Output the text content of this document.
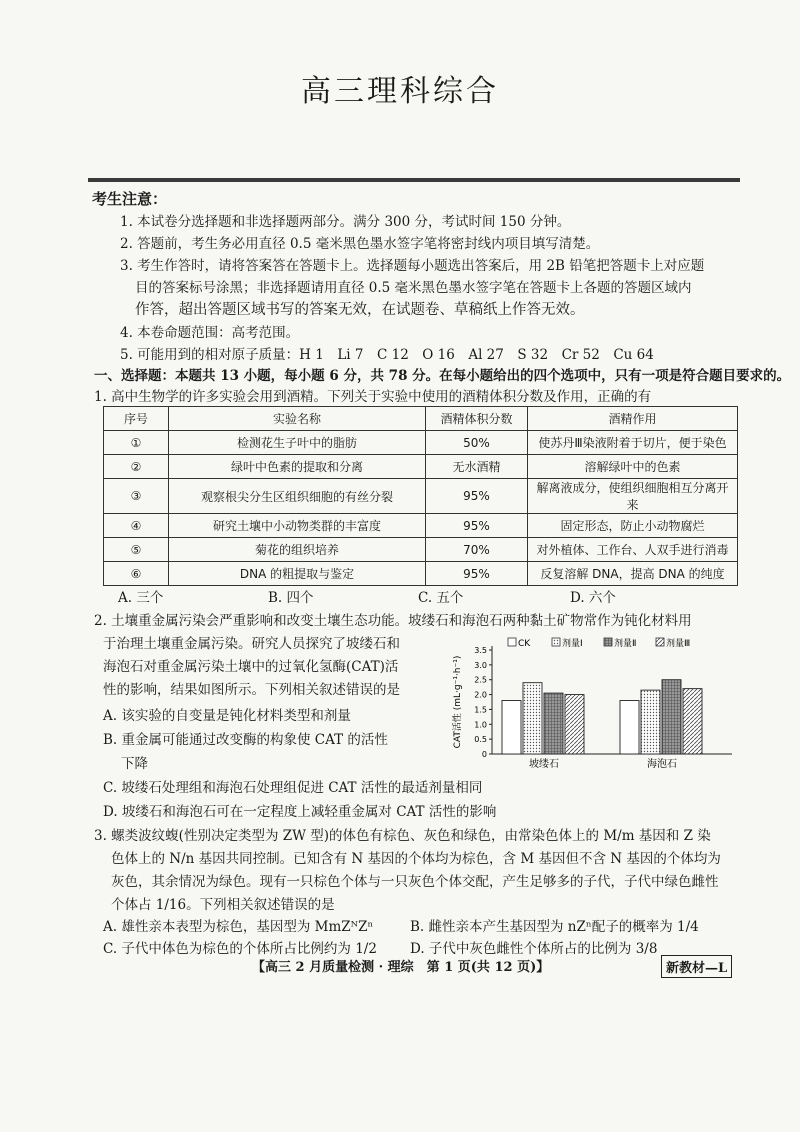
高三理科综合
考生注意：
1. 本试卷分选择题和非选择题两部分。满分 300 分，考试时间 150 分钟。
2. 答题前，考生务必用直径 0.5 毫米黑色墨水签字笔将密封线内项目填写清楚。
3. 考生作答时，请将答案答在答题卡上。选择题每小题选出答案后，用 2B 铅笔把答题卡上对应题
目的答案标号涂黑；非选择题请用直径 0.5 毫米黑色墨水签字笔在答题卡上各题的答题区域内
作答，超出答题区域书写的答案无效，在试题卷、草稿纸上作答无效。
4. 本卷命题范围：高考范围。
5. 可能用到的相对原子质量：H 1　Li 7　C 12　O 16　Al 27　S 32　Cr 52　Cu 64
一、选择题：本题共 13 小题，每小题 6 分，共 78 分。在每小题给出的四个选项中，只有一项是符合题目要求的。
1. 高中生物学的许多实验会用到酒精。下列关于实验中使用的酒精体积分数及作用，正确的有
序号	实验名称	酒精体积分数	酒精作用
①	检测花生子叶中的脂肪	50%	使苏丹Ⅲ染液附着于切片，便于染色
②	绿叶中色素的提取和分离	无水酒精	溶解绿叶中的色素
③	观察根尖分生区组织细胞的有丝分裂	95%	解离液成分，使组织细胞相互分离开来
④	研究土壤中小动物类群的丰富度	95%	固定形态，防止小动物腐烂
⑤	菊花的组织培养	70%	对外植体、工作台、人双手进行消毒
⑥	DNA 的粗提取与鉴定	95%	反复溶解 DNA，提高 DNA 的纯度
A. 三个	B. 四个	C. 五个	D. 六个
2. 土壤重金属污染会严重影响和改变土壤生态功能。坡缕石和海泡石两种黏土矿物常作为钝化材料用
于治理土壤重金属污染。研究人员探究了坡缕石和
海泡石对重金属污染土壤中的过氧化氢酶(CAT)活
性的影响，结果如图所示。下列相关叙述错误的是
A. 该实验的自变量是钝化材料类型和剂量
B. 重金属可能通过改变酶的构象使 CAT 的活性
下降
C. 坡缕石处理组和海泡石处理组促进 CAT 活性的最适剂量相同
D. 坡缕石和海泡石可在一定程度上减轻重金属对 CAT 活性的影响
CK	剂量Ⅰ	剂量Ⅱ	剂量Ⅲ
0
0.5
1.0
1.5
2.0
2.5
3.0
3.5
CAT活性 (mL·g⁻¹·h⁻¹)
坡缕石	海泡石
3. 螺类波纹蝮(性别决定类型为 ZW 型)的体色有棕色、灰色和绿色，由常染色体上的 M/m 基因和 Z 染
色体上的 N/n 基因共同控制。已知含有 N 基因的个体均为棕色，含 M 基因但不含 N 基因的个体均为
灰色，其余情况为绿色。现有一只棕色个体与一只灰色个体交配，产生足够多的子代，子代中绿色雌性
个体占 1/16。下列相关叙述错误的是
A. 雄性亲本表型为棕色，基因型为 MmZᴺZⁿ	B. 雌性亲本产生基因型为 nZⁿ配子的概率为 1/4
C. 子代中体色为棕色的个体所占比例约为 1/2 D. 子代中灰色雌性个体所占的比例为 3/8
【高三 2 月质量检测 · 理综　第 1 页(共 12 页)】	新教材—L
